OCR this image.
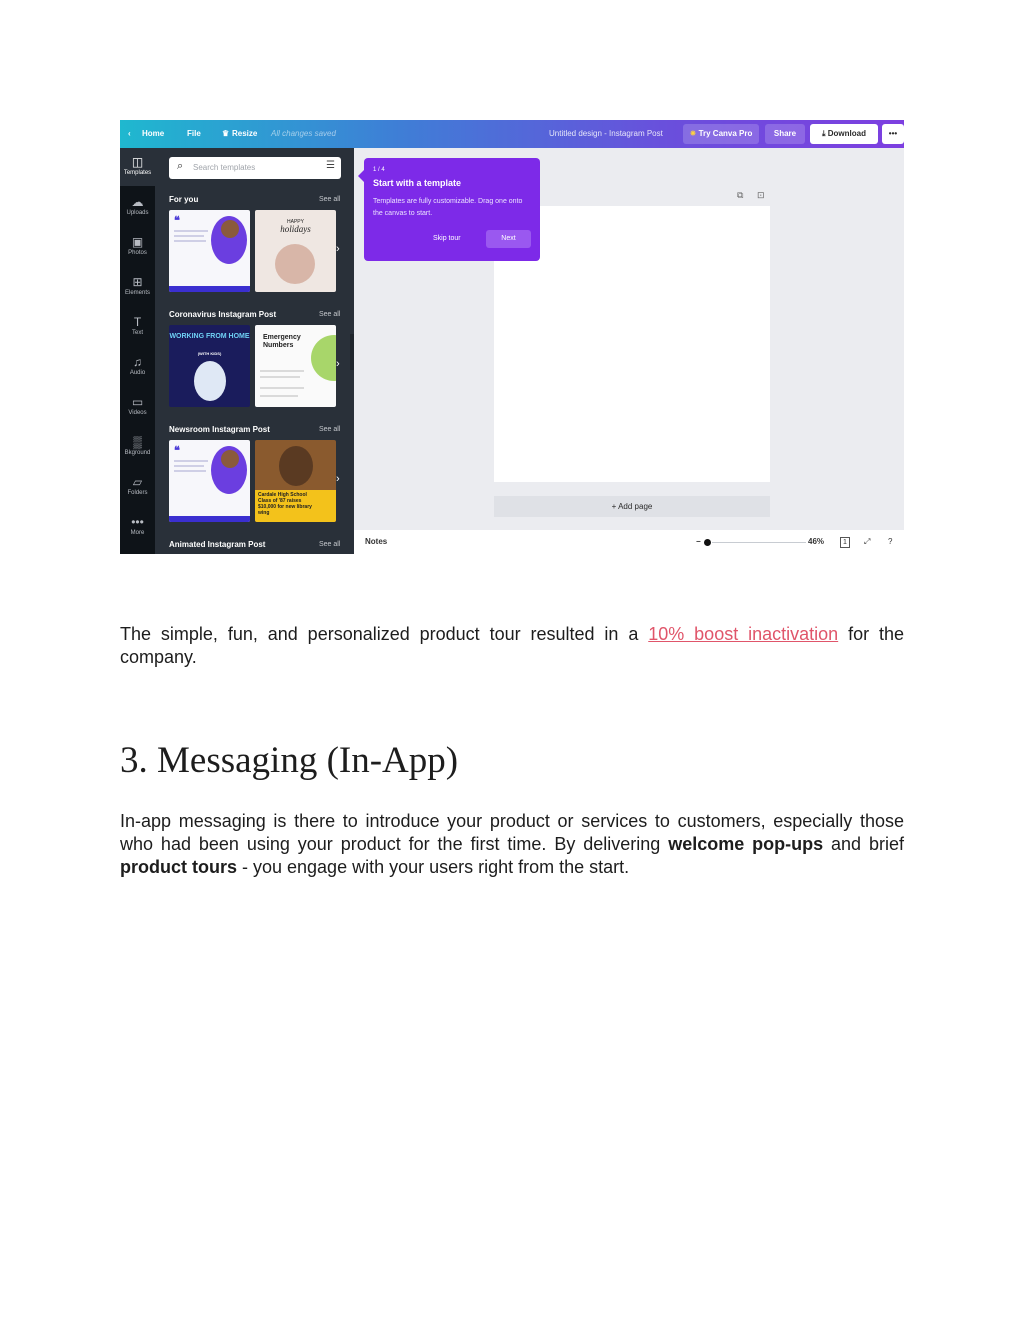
‹ Home	File	♛ Resize All changes saved	Untitled design - Instagram Post	✷ Try Canva Pro	Share	⤓ Download	•••
◫
Templates
☁
Uploads
▣
Photos
⊞
Elements
T
Text
♫
Audio
▭
Videos
▒
Bkground
▱
Folders
•••
More
⌕ Search templates	☰
For you	See all
❝	HAPPY
holidays
›
Coronavirus Instagram Post	See all
WORKING FROM HOME
(WITH KIDS)
Emergency Numbers
›
Newsroom Instagram Post	See all
❝
Cardale High School Class of '87 raises $10,000 for new library wing
›
Animated Instagram Post	See all
⧉ ⊡
+ Add page
Notes	−	46%	1	⤢ ?
1 / 4
Start with a template
Templates are fully customizable. Drag one onto the canvas to start.
Skip tour	Next

The simple, fun, and personalized product tour resulted in a 10% boost inactivation for the company.

3. Messaging (In-App)

In-app messaging is there to introduce your product or services to customers, especially those who had been using your product for the first time. By delivering welcome pop-ups and brief product tours - you engage with your users right from the start.
